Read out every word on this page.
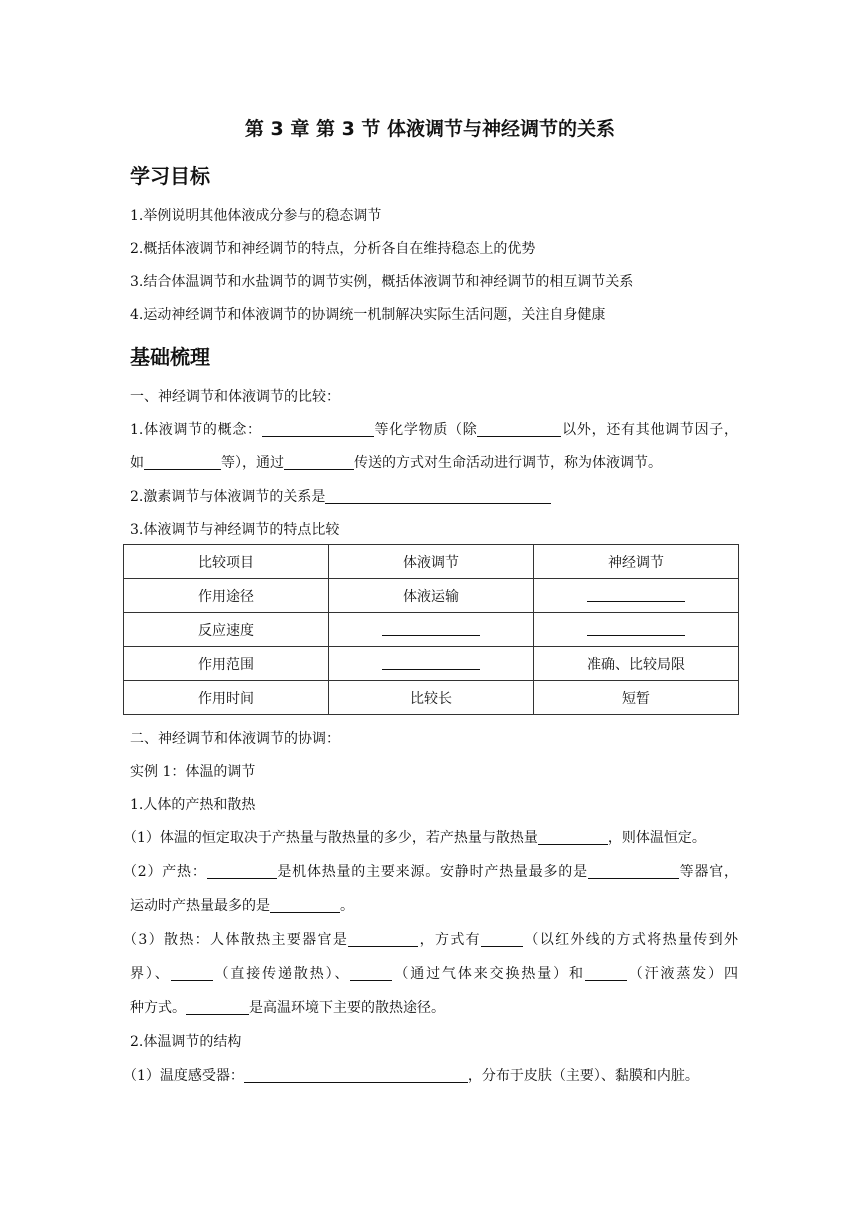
第 3 章 第 3 节 体液调节与神经调节的关系
学习目标
1.举例说明其他体液成分参与的稳态调节
2.概括体液调节和神经调节的特点，分析各自在维持稳态上的优势
3.结合体温调节和水盐调节的调节实例，概括体液调节和神经调节的相互调节关系
4.运动神经调节和体液调节的协调统一机制解决实际生活问题，关注自身健康
基础梳理
一、神经调节和体液调节的比较：
1.体液调节的概念：	等化学物质（除	以外，还有其他调节因子，
如	等），通过	传送的方式对生命活动进行调节，称为体液调节。
2.激素调节与体液调节的关系是
3.体液调节与神经调节的特点比较
比较项目	体液调节	神经调节
作用途径	体液运输	
反应速度		
作用范围		准确、比较局限
作用时间	比较长	短暂
二、神经调节和体液调节的协调：
实例 1：体温的调节
1.人体的产热和散热
（1）体温的恒定取决于产热量与散热量的多少，若产热量与散热量	，则体温恒定。
（2）产热：	是机体热量的主要来源。安静时产热量最多的是	等器官，
运动时产热量最多的是	。
（3）散热：人体散热主要器官是	，方式有	（以红外线的方式将热量传到外
界）、	（直接传递散热）、	（通过气体来交换热量）和	（汗液蒸发）四
种方式。	是高温环境下主要的散热途径。
2.体温调节的结构
（1）温度感受器：	，分布于皮肤（主要）、黏膜和内脏。
